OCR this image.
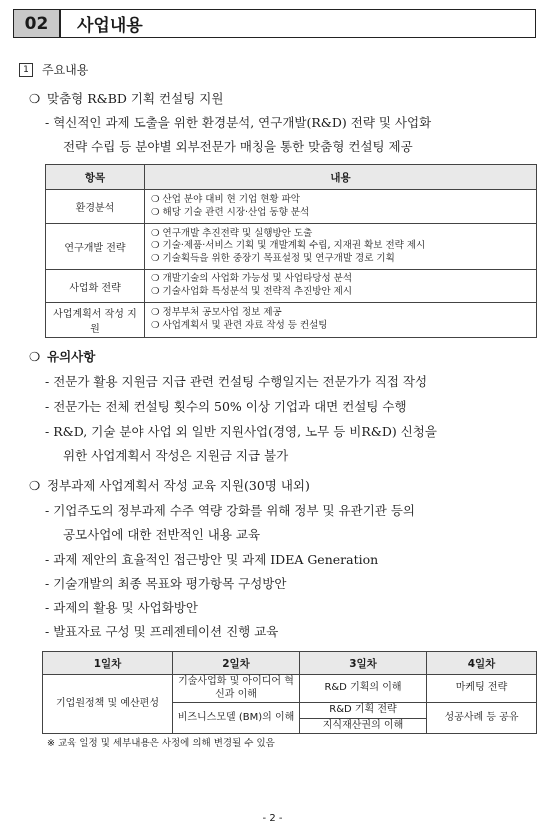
02	사업내용
1	주요내용
❍ 맞춤형 R&BD 기획 컨설팅 지원
- 혁신적인 과제 도출을 위한 환경분석, 연구개발(R&D) 전략 및 사업화
전략 수립 등 분야별 외부전문가 매칭을 통한 맞춤형 컨설팅 제공
항목	내용
환경분석	❍ 산업 분야 대비 현 기업 현황 파악
❍ 해당 기술 관련 시장·산업 동향 분석

연구개발 전략	❍ 연구개발 추진전략 및 실행방안 도출
❍ 기술·제품·서비스 기획 및 개발계획 수립, 지재권 확보 전략 제시
❍ 기술획득을 위한 중장기 목표설정 및 연구개발 경로 기획

사업화 전략	❍ 개발기술의 사업화 가능성 및 사업타당성 분석
❍ 기술사업화 특성분석 및 전략적 추진방안 제시

사업계획서 작성 지원	❍ 정부부처 공모사업 정보 제공
❍ 사업계획서 및 관련 자료 작성 등 컨설팅
❍ 유의사항
- 전문가 활용 지원금 지급 관련 컨설팅 수행일지는 전문가가 직접 작성
- 전문가는 전체 컨설팅 횟수의 50% 이상 기업과 대면 컨설팅 수행
- R&D, 기술 분야 사업 외 일반 지원사업(경영, 노무 등 비R&D) 신청을
위한 사업계획서 작성은 지원금 지급 불가
❍ 정부과제 사업계획서 작성 교육 지원(30명 내외)
- 기업주도의 정부과제 수주 역량 강화를 위해 정부 및 유관기관 등의
공모사업에 대한 전반적인 내용 교육
- 과제 제안의 효율적인 접근방안 및 과제 IDEA Generation
- 기술개발의 최종 목표와 평가항목 구성방안
- 과제의 활용 및 사업화방안
- 발표자료 구성 및 프레젠테이션 진행 교육
1일차	2일차	3일차	4일차
기업원정책 및 예산편성	기술사업화 및 아이디어 혁신과 이해	R&D 기획의 이해	마케팅 전략
	비즈니스모델 (BM)의 이해	R&D 기획 전략	성공사례 등 공유
		지식재산권의 이해	
※ 교육 일정 및 세부내용은 사정에 의해 변경될 수 있음
- 2 -
